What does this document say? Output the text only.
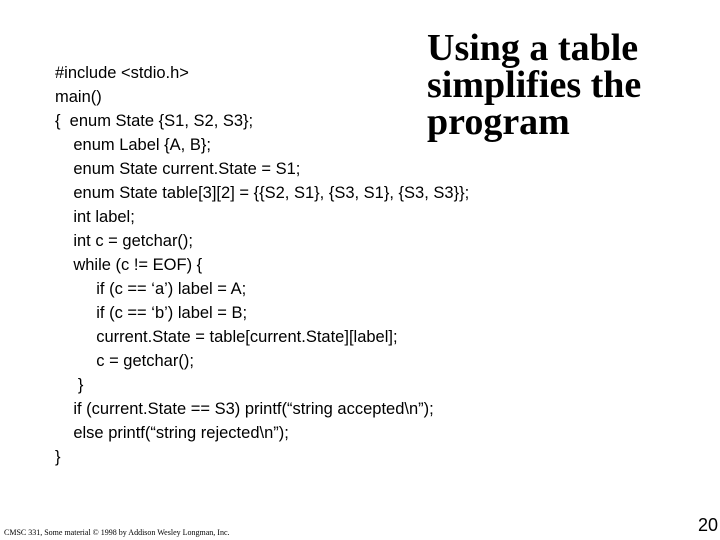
Using a table simplifies the program
#include <stdio.h>
main()
{  enum State {S1, S2, S3};
enum Label {A, B};
enum State current.State = S1;
enum State table[3][2] = {{S2, S1}, {S3, S1}, {S3, S3}};
int label;
int c = getchar();
while (c != EOF) {
if (c == ‘a’) label = A;
if (c == ‘b’) label = B;
current.State = table[current.State][label];
c = getchar();
}
if (current.State == S3) printf(“string accepted\n”);
else printf(“string rejected\n”);
}
CMSC 331, Some material © 1998 by Addison Wesley Longman, Inc.	20
